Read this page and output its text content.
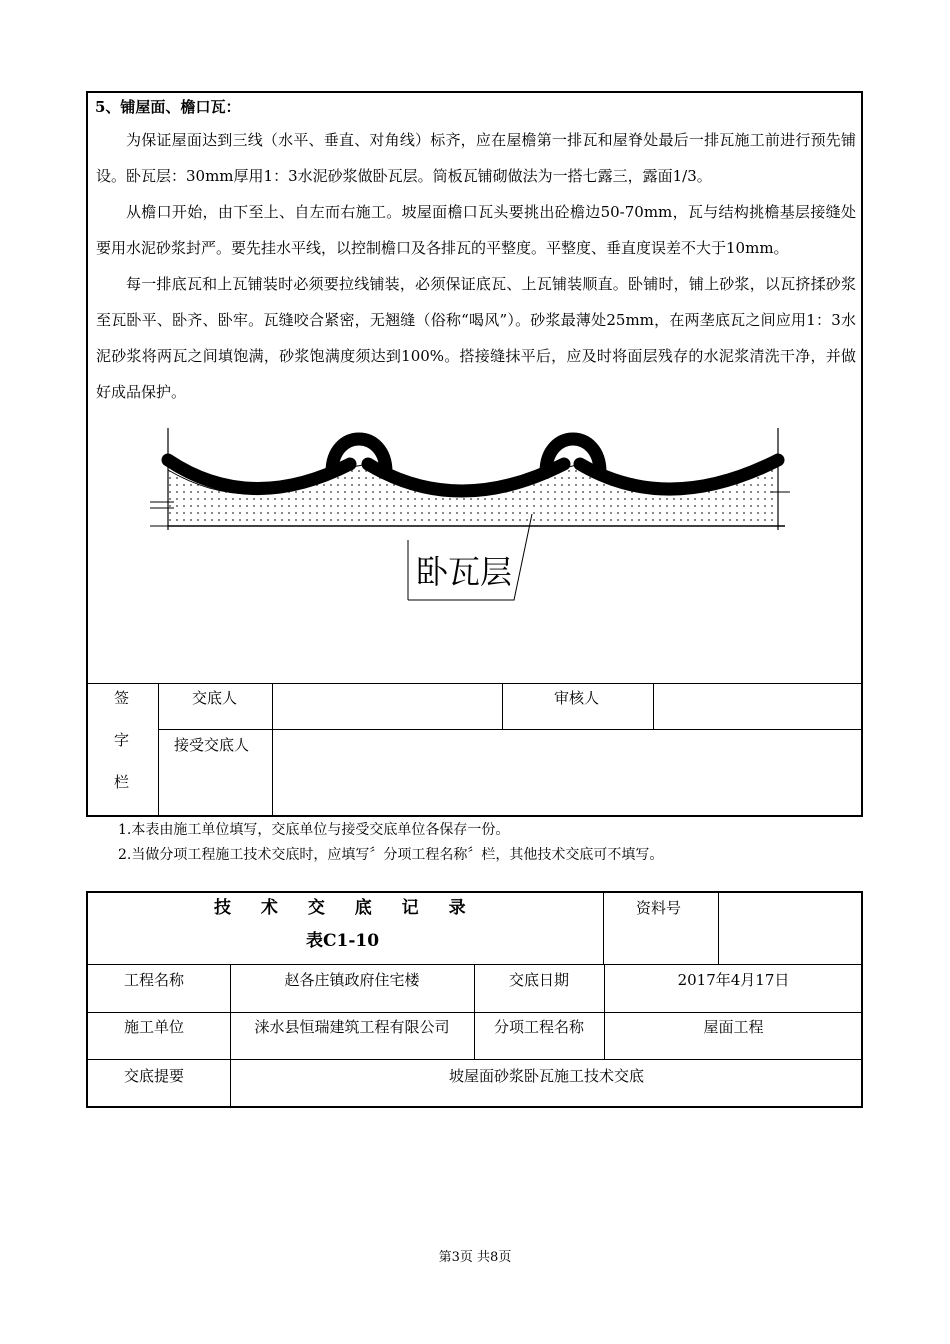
5、铺屋面、檐口瓦：

为保证屋面达到三线（水平、垂直、对角线）标齐，应在屋檐第一排瓦和屋脊处最后一排瓦施工前进行预先铺设。卧瓦层：30mm厚用1：3水泥砂浆做卧瓦层。筒板瓦铺砌做法为一搭七露三，露面1/3。

从檐口开始，由下至上、自左而右施工。坡屋面檐口瓦头要挑出砼檐边50-70mm，瓦与结构挑檐基层接缝处要用水泥砂浆封严。要先挂水平线，以控制檐口及各排瓦的平整度。平整度、垂直度误差不大于10mm。

每一排底瓦和上瓦铺装时必须要拉线铺装，必须保证底瓦、上瓦铺装顺直。卧铺时，铺上砂浆，以瓦挤揉砂浆至瓦卧平、卧齐、卧牢。瓦缝咬合紧密，无翘缝（俗称“喝风”）。砂浆最薄处25mm，在两垄底瓦之间应用1：3水泥砂浆将两瓦之间填饱满，砂浆饱满度须达到100%。搭接缝抹平后，应及时将面层残存的水泥浆清洗干净，并做好成品保护。

卧瓦层
签
字
栏
交底人	审核人
接受交底人
1.本表由施工单位填写，交底单位与接受交底单位各保存一份。
2.当做分项工程施工技术交底时，应填写〞分项工程名称〞栏，其他技术交底可不填写。
技 术 交 底 记 录
表C1-10
资料号
工程名称	赵各庄镇政府住宅楼	交底日期	2017年4月17日
施工单位	涞水县恒瑞建筑工程有限公司	分项工程名称	屋面工程
交底提要	坡屋面砂浆卧瓦施工技术交底
第3页 共8页
